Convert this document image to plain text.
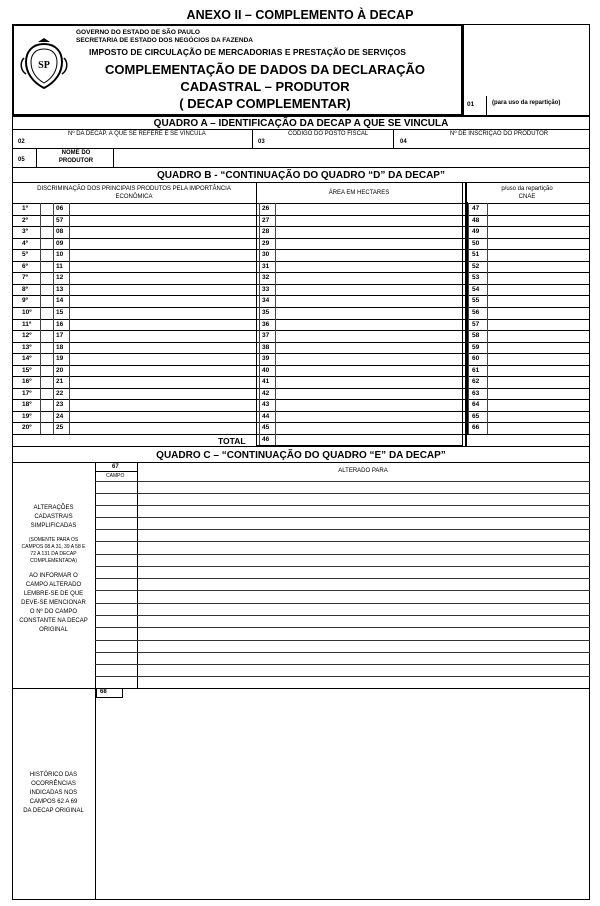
ANEXO II – COMPLEMENTO À DECAP
SP
GOVERNO DO ESTADO DE SÃO PAULO
SECRETARIA DE ESTADO DOS NEGÓCIOS DA FAZENDA
IMPOSTO DE CIRCULAÇÃO DE MERCADORIAS E PRESTAÇÃO DE SERVIÇOS
COMPLEMENTAÇÃO DE DADOS DA DECLARAÇÃO
CADASTRAL – PRODUTOR
( DECAP COMPLEMENTAR)	01	(para uso da repartição)
QUADRO A – IDENTIFICAÇÃO DA DECAP A QUE SE VINCULA
Nº DA DECAP. A QUE SE REFERE E SE VINCULA
02
CÓDIGO DO POSTO FISCAL
03
Nº DE INSCRIÇÃO DO PRODUTOR
04
05
NOME DO
PRODUTOR
QUADRO B - “CONTINUAÇÃO DO QUADRO “D” DA DECAP”
DISCRIMINAÇÃO DOS PRINCIPAIS PRODUTOS PELA IMPORTÂNCIA
ECONÔMICA
ÁREA EM HECTARES
p/uso da repartição
CNAE
1º	06	26	47
2º	57	27	48
3º	08	28	49
4º	09	29	50
5º	10	30	51
6º	11	31	52
7º	12	32	53
8º	13	33	54
9º	14	34	55
10º	15	35	56
11º	16	36	57
12º	17	37	58
13º	18	38	59
14º	19	39	60
15º	20	40	61
16º	21	41	62
17º	22	42	63
18º	23	43	64
19º	24	44	65
20º	25	45	66
TOTAL	46
QUADRO C – “CONTINUAÇÃO DO QUADRO “E” DA DECAP”
67
CAMPO
ALTERADO PARA
ALTERAÇÕES
CADASTRAIS
SIMPLIFICADAS
(SOMENTE PARA OS
CAMPOS 08 A 31, 39 A 58 E
72 A 131 DA DECAP
COMPLEMENTADA)
AO INFORMAR O
CAMPO ALTERADO
LEMBRE-SE DE QUE
DEVE-SE MENCIONAR
O Nº DO CAMPO
CONSTANTE NA DECAP
ORIGINAL
68
HISTÓRICO DAS
OCORRÊNCIAS
INDICADAS NOS
CAMPOS 62 A 69
DA DECAP ORIGINAL
